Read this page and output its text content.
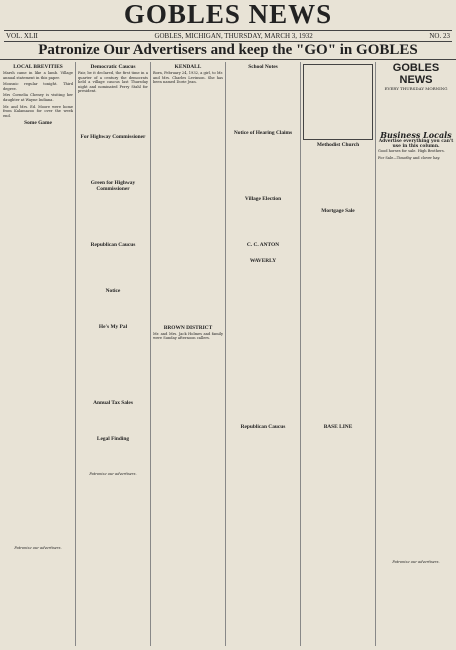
GOBLES NEWS
VOL. XLII	GOBLES, MICHIGAN, THURSDAY, MARCH 3, 1932	NO. 23
Patronize Our Advertisers and keep the "GO" in GOBLES
LOCAL BREVITIES

Marsh came in like a lamb. Village annual statement in this paper.

Mousnic regular tonight. Third degree.

Mrs Cornelia Cheney is visiting her daughter at Wayne Indiana.

Mr. and Mrs. Ed. Moore were home from Kalamazoo for over the week end.

Some Game

Patronize our advertisers.

Democratic Caucus

Fair, be it declared, the first time in a quarter of a century the democrats held a village caucus last Thursday night and nominated Perry Stahl for president.

For Highway Commissioner
Green for Highway Commissioner
Republican Caucus
Notice
He's My Pal
Annual Tax Sales
Legal Finding

Patronize our advertisers.

KENDALL

Born, February 24, 1932, a girl, to Mr. and Mrs. Charles Levinson. She has been named Dorie Jean.

BROWN DISTRICT

Mr. and Mrs. Jack Holmes and family were Sunday afternoon callers.

School Notes
Notice of Hearing Claims
Village Election
C. C. ANTON
WAVERLY
Republican Caucus
Methodist Church
Mortgage Sale
BASE LINE
GOBLES NEWS
EVERY THURSDAY MORNING
Business Locals
Advertise everything you can't use in this column.

Good horses for sale. High Brothers.

For Sale—Timothy and clover hay.

Patronize our advertisers.
